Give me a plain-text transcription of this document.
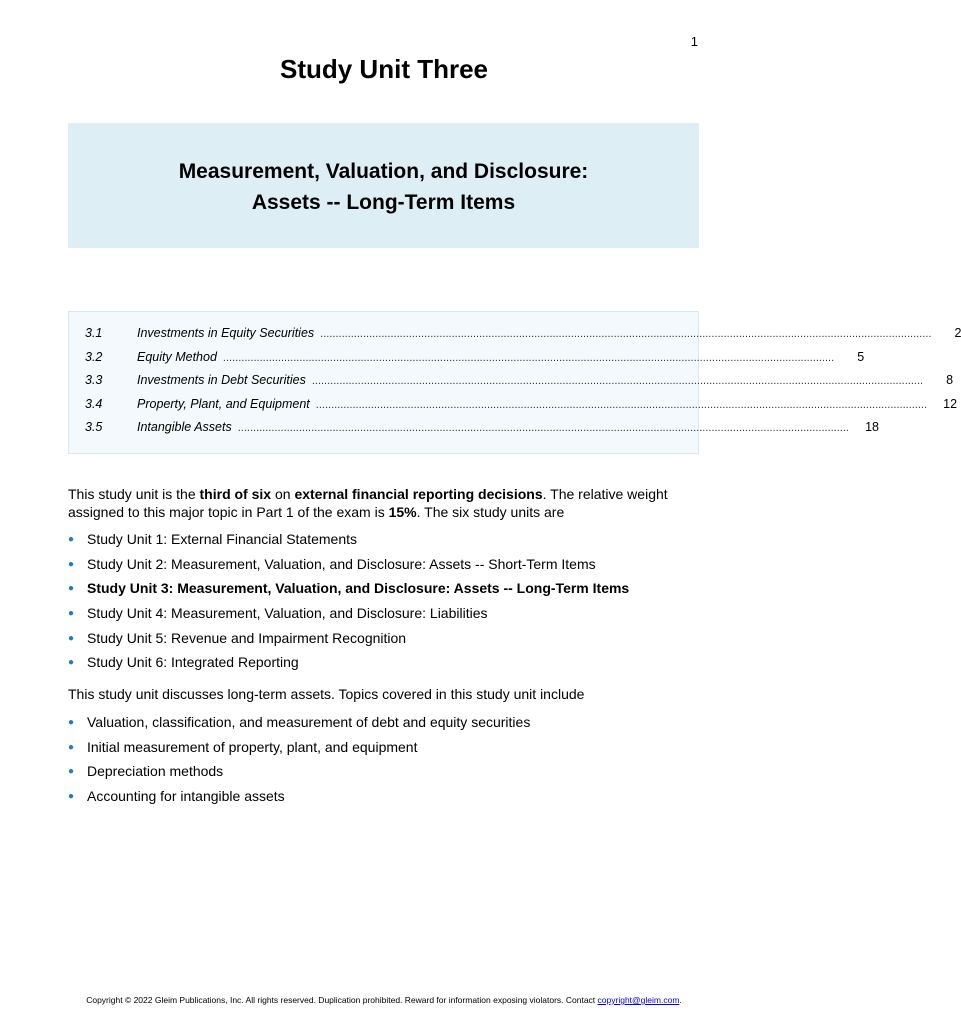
1
Study Unit Three
Measurement, Valuation, and Disclosure:
Assets -- Long-Term Items
3.1	Investments in Equity Securities ........................................................................................................................................................................................................	2
3.2	Equity Method ........................................................................................................................................................................................................	5
3.3	Investments in Debt Securities ........................................................................................................................................................................................................	8
3.4	Property, Plant, and Equipment ........................................................................................................................................................................................................	12
3.5	Intangible Assets ........................................................................................................................................................................................................	18
This study unit is the third of six on external financial reporting decisions. The relative weight assigned to this major topic in Part 1 of the exam is 15%. The six study units are
● Study Unit 1: External Financial Statements
● Study Unit 2: Measurement, Valuation, and Disclosure: Assets -- Short-Term Items
● Study Unit 3: Measurement, Valuation, and Disclosure: Assets -- Long-Term Items
● Study Unit 4: Measurement, Valuation, and Disclosure: Liabilities
● Study Unit 5: Revenue and Impairment Recognition
● Study Unit 6: Integrated Reporting
This study unit discusses long-term assets. Topics covered in this study unit include
● Valuation, classification, and measurement of debt and equity securities
● Initial measurement of property, plant, and equipment
● Depreciation methods
● Accounting for intangible assets
Copyright © 2022 Gleim Publications, Inc. All rights reserved. Duplication prohibited. Reward for information exposing violators. Contact copyright@gleim.com.
